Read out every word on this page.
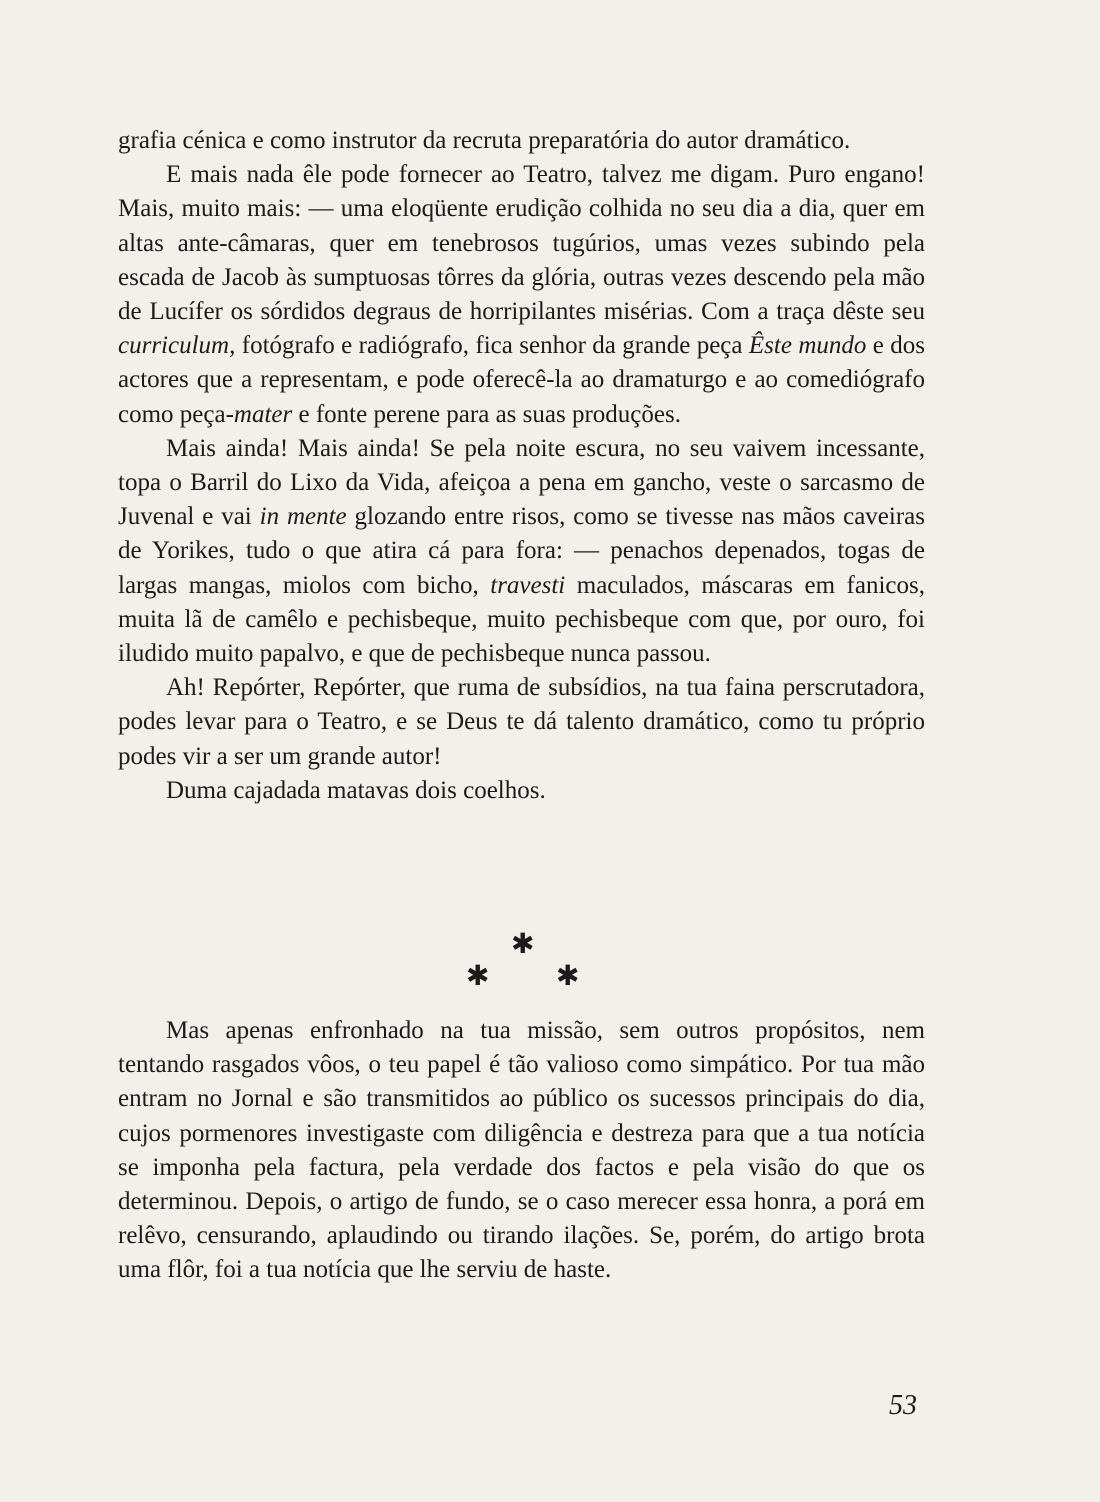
grafia cénica e como instrutor da recruta preparatória do autor dramático.

E mais nada êle pode fornecer ao Teatro, talvez me digam. Puro engano! Mais, muito mais: — uma eloqüente erudição colhida no seu dia a dia, quer em altas ante-câmaras, quer em tenebrosos tugúrios, umas vezes subindo pela escada de Jacob às sumptuosas tôrres da glória, outras vezes descendo pela mão de Lucífer os sórdidos degraus de horripilantes misérias. Com a traça dêste seu curriculum, fotógrafo e radiógrafo, fica senhor da grande peça Êste mundo e dos actores que a representam, e pode oferecê-la ao dramaturgo e ao comediógrafo como peça-mater e fonte perene para as suas produções.

Mais ainda! Mais ainda! Se pela noite escura, no seu vaivem incessante, topa o Barril do Lixo da Vida, afeiçoa a pena em gancho, veste o sarcasmo de Juvenal e vai in mente glozando entre risos, como se tivesse nas mãos caveiras de Yorikes, tudo o que atira cá para fora: — penachos depenados, togas de largas mangas, miolos com bicho, travesti maculados, máscaras em fanicos, muita lã de camêlo e pechisbeque, muito pechisbeque com que, por ouro, foi iludido muito papalvo, e que de pechisbeque nunca passou.

Ah! Repórter, Repórter, que ruma de subsídios, na tua faina perscrutadora, podes levar para o Teatro, e se Deus te dá talento dramático, como tu próprio podes vir a ser um grande autor!

Duma cajadada matavas dois coelhos.

✱
✱ ✱

Mas apenas enfronhado na tua missão, sem outros propósitos, nem tentando rasgados vôos, o teu papel é tão valioso como simpático. Por tua mão entram no Jornal e são transmitidos ao público os sucessos principais do dia, cujos pormenores investigaste com diligência e destreza para que a tua notícia se imponha pela factura, pela verdade dos factos e pela visão do que os determinou. Depois, o artigo de fundo, se o caso merecer essa honra, a porá em relêvo, censurando, aplaudindo ou tirando ilações. Se, porém, do artigo brota uma flôr, foi a tua notícia que lhe serviu de haste.

53
